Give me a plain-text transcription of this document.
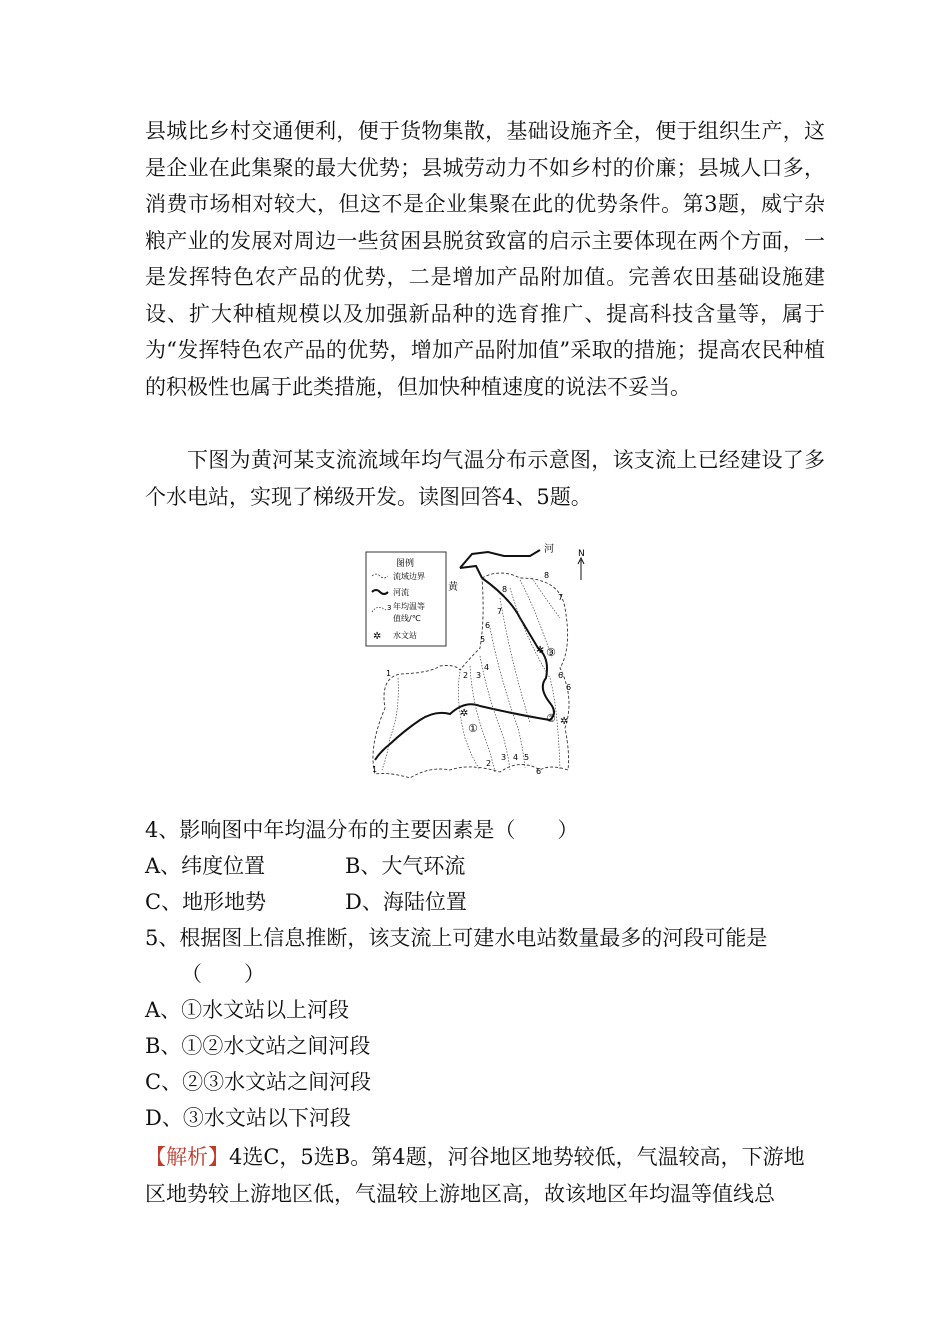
县城比乡村交通便利，便于货物集散，基础设施齐全，便于组织生产，这是企业在此集聚的最大优势；县城劳动力不如乡村的价廉；县城人口多，消费市场相对较大，但这不是企业集聚在此的优势条件。第3题，威宁杂粮产业的发展对周边一些贫困县脱贫致富的启示主要体现在两个方面，一是发挥特色农产品的优势，二是增加产品附加值。完善农田基础设施建设、扩大种植规模以及加强新品种的选育推广、提高科技含量等，属于为“发挥特色农产品的优势，增加产品附加值”采取的措施；提高农民种植的积极性也属于此类措施，但加快种植速度的说法不妥当。

下图为黄河某支流流域年均气温分布示意图，该支流上已经建设了多个水电站，实现了梯级开发。读图回答4、5题。

图例
流域边界
河流
3 年均温等
值线/℃
✲ 水文站
河
黄
N
1
1
2 3
4
2
3 4 5
6
6
6
5
6
7
8
8
7
✲
①
✲
②
✲ ③

4、影响图中年均温分布的主要因素是（　　）

A、纬度位置	B、大气环流

C、地形地势	D、海陆位置

5、根据图上信息推断，该支流上可建水电站数量最多的河段可能是

（　　）

A、①水文站以上河段

B、①②水文站之间河段

C、②③水文站之间河段

D、③水文站以下河段

【解析】4选C，5选B。第4题，河谷地区地势较低，气温较高，下游地

区地势较上游地区低，气温较上游地区高，故该地区年均温等值线总
